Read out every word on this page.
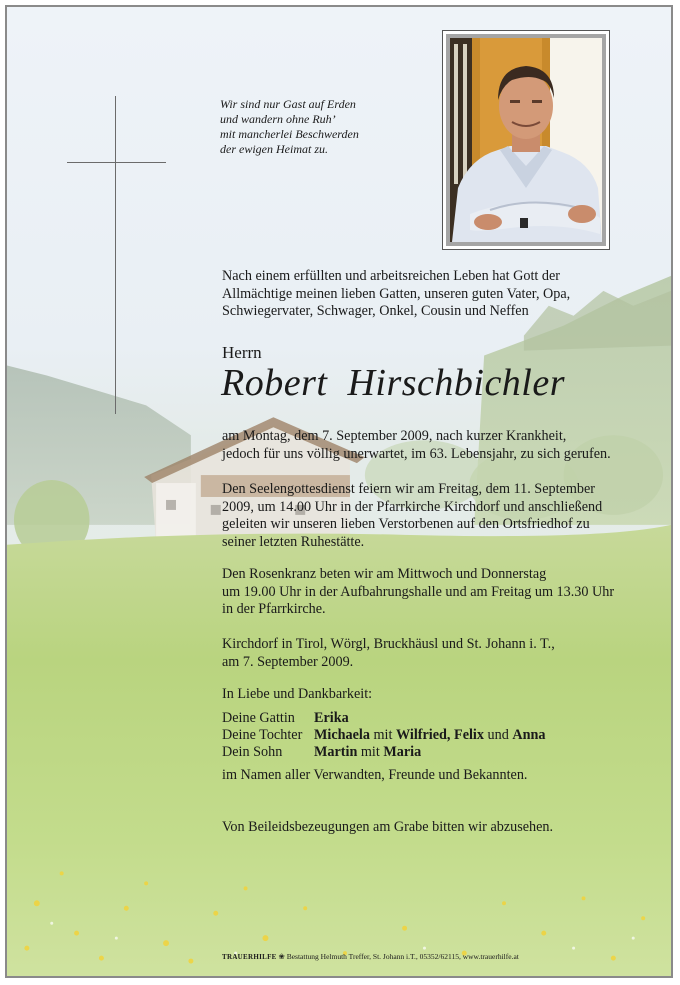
Wir sind nur Gast auf Erden
und wandern ohne Ruh’
mit mancherlei Beschwerden
der ewigen Heimat zu.
Nach einem erfüllten und arbeitsreichen Leben hat Gott der
Allmächtige meinen lieben Gatten, unseren guten Vater, Opa,
Schwiegervater, Schwager, Onkel, Cousin und Neffen
Herrn
Robert Hirschbichler
am Montag, dem 7. September 2009, nach kurzer Krankheit,
jedoch für uns völlig unerwartet, im 63. Lebensjahr, zu sich gerufen.
Den Seelengottesdienst feiern wir am Freitag, dem 11. September
2009, um 14.00 Uhr in der Pfarrkirche Kirchdorf und anschließend
geleiten wir unseren lieben Verstorbenen auf den Ortsfriedhof zu
seiner letzten Ruhestätte.
Den Rosenkranz beten wir am Mittwoch und Donnerstag
um 19.00 Uhr in der Aufbahrungshalle und am Freitag um 13.30 Uhr
in der Pfarrkirche.
Kirchdorf in Tirol, Wörgl, Bruckhäusl und St. Johann i. T.,
am 7. September 2009.
In Liebe und Dankbarkeit:
Deine Gattin Erika
Deine Tochter Michaela mit Wilfried, Felix und Anna
Dein Sohn Martin mit Maria
im Namen aller Verwandten, Freunde und Bekannten.
Von Beileidsbezeugungen am Grabe bitten wir abzusehen.
TRAUERHILFE ❀ Bestattung Helmuth Treffer, St. Johann i.T., 05352/62115, www.trauerhilfe.at
